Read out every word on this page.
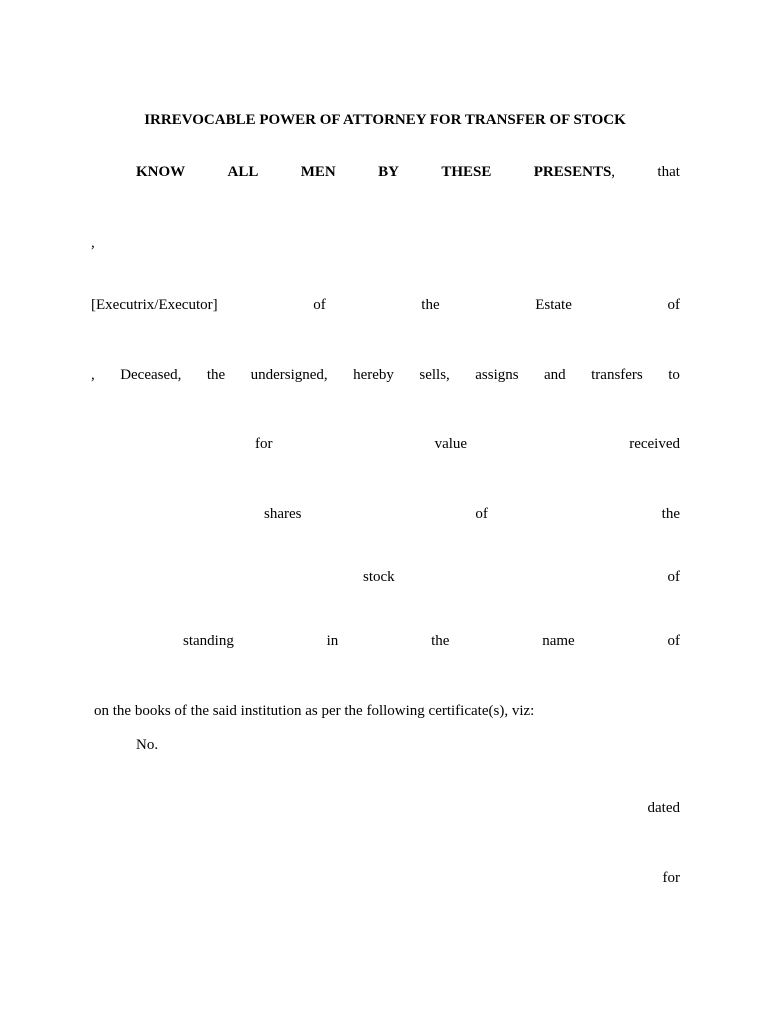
IRREVOCABLE POWER OF ATTORNEY FOR TRANSFER OF STOCK
KNOW	ALL	MEN	BY	THESE	PRESENTS,	that
,
[Executrix/Executor]	of	the	Estate	of
, Deceased, the undersigned, hereby sells, assigns and transfers to
for	value	received
shares	of	the
stock	of
standing	in	the	name	of
on the books of the said institution as per the following certificate(s), viz:
No.
dated
for
